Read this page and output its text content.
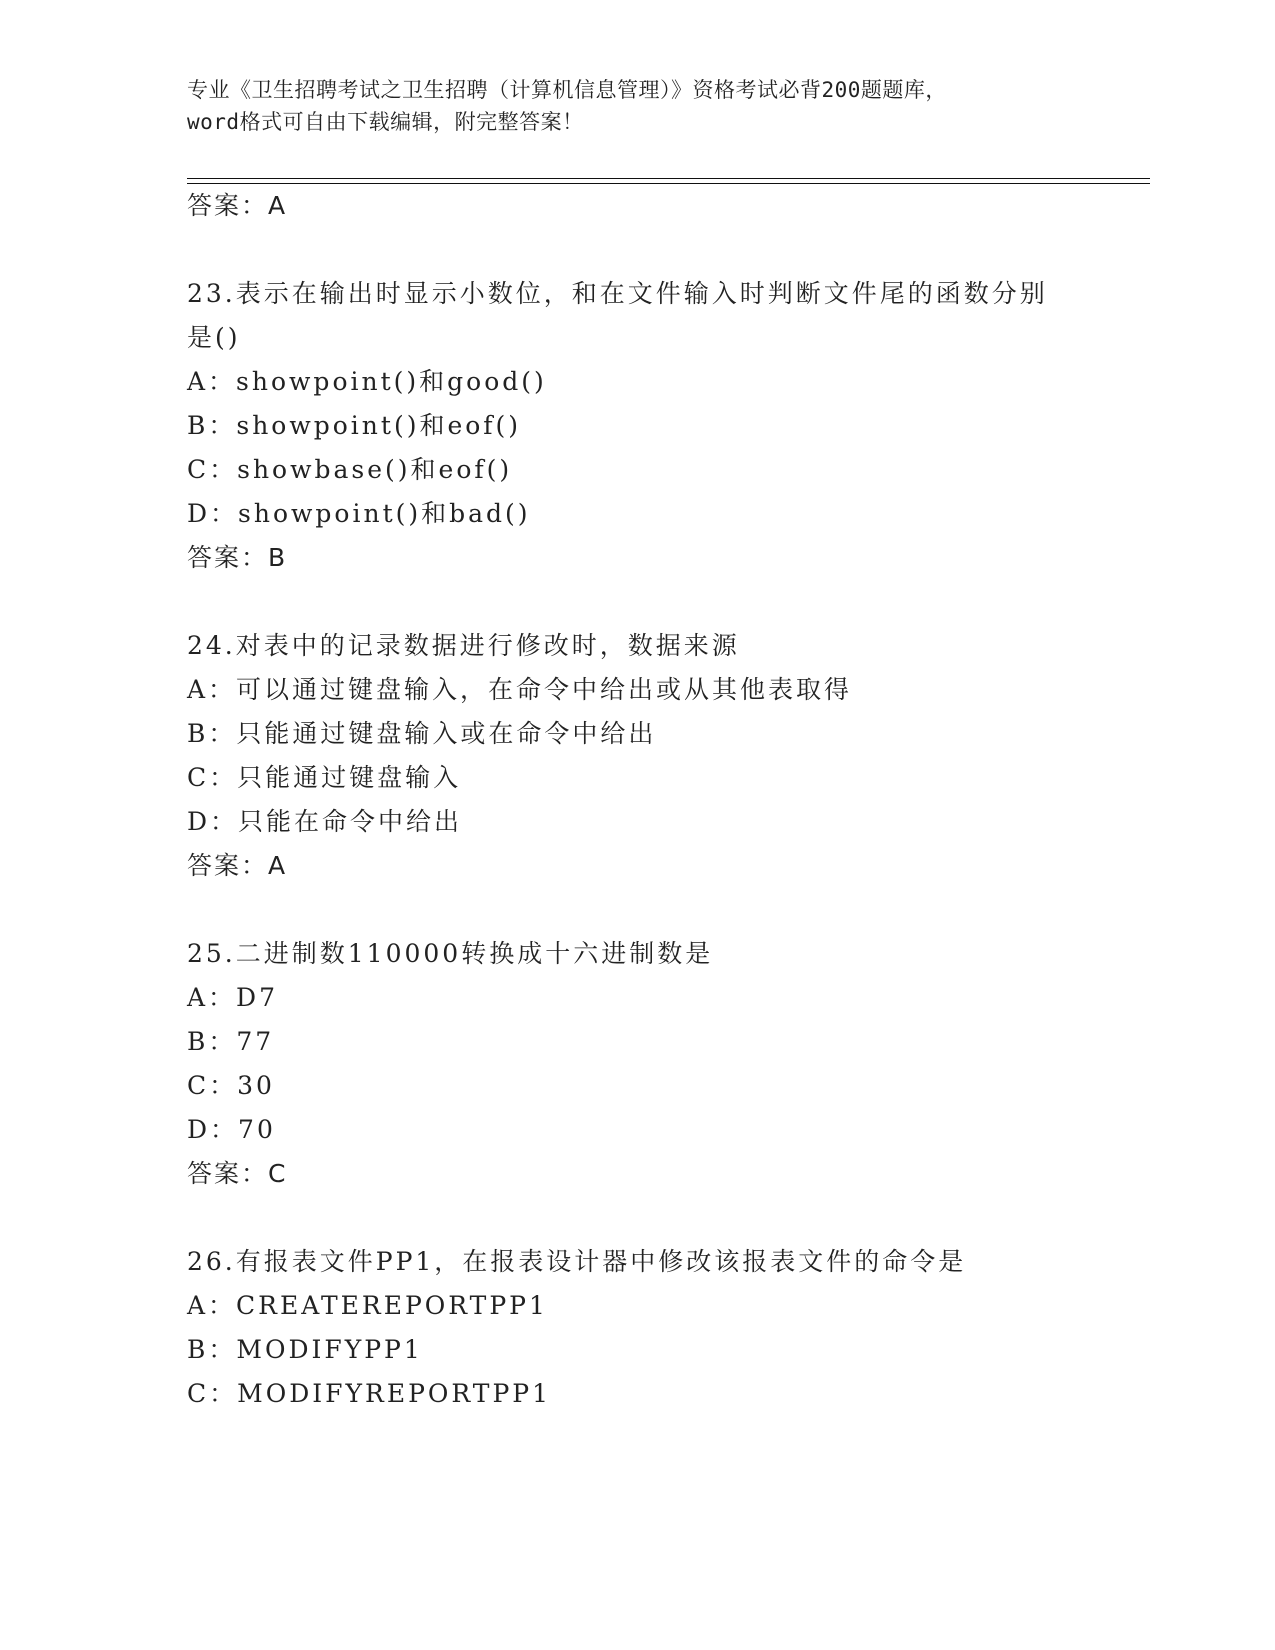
专业《卫生招聘考试之卫生招聘（计算机信息管理）》资格考试必背200题题库，
word格式可自由下载编辑，附完整答案！
答案：A
23.表示在输出时显示小数位，和在文件输入时判断文件尾的函数分别
是()
A：showpoint()和good()
B：showpoint()和eof()
C：showbase()和eof()
D：showpoint()和bad()
答案：B
24.对表中的记录数据进行修改时，数据来源
A：可以通过键盘输入，在命令中给出或从其他表取得
B：只能通过键盘输入或在命令中给出
C：只能通过键盘输入
D：只能在命令中给出
答案：A
25.二进制数110000转换成十六进制数是
A：D7
B：77
C：30
D：70
答案：C
26.有报表文件PP1，在报表设计器中修改该报表文件的命令是
A：CREATEREPORTPP1
B：MODIFYPP1
C：MODIFYREPORTPP1
